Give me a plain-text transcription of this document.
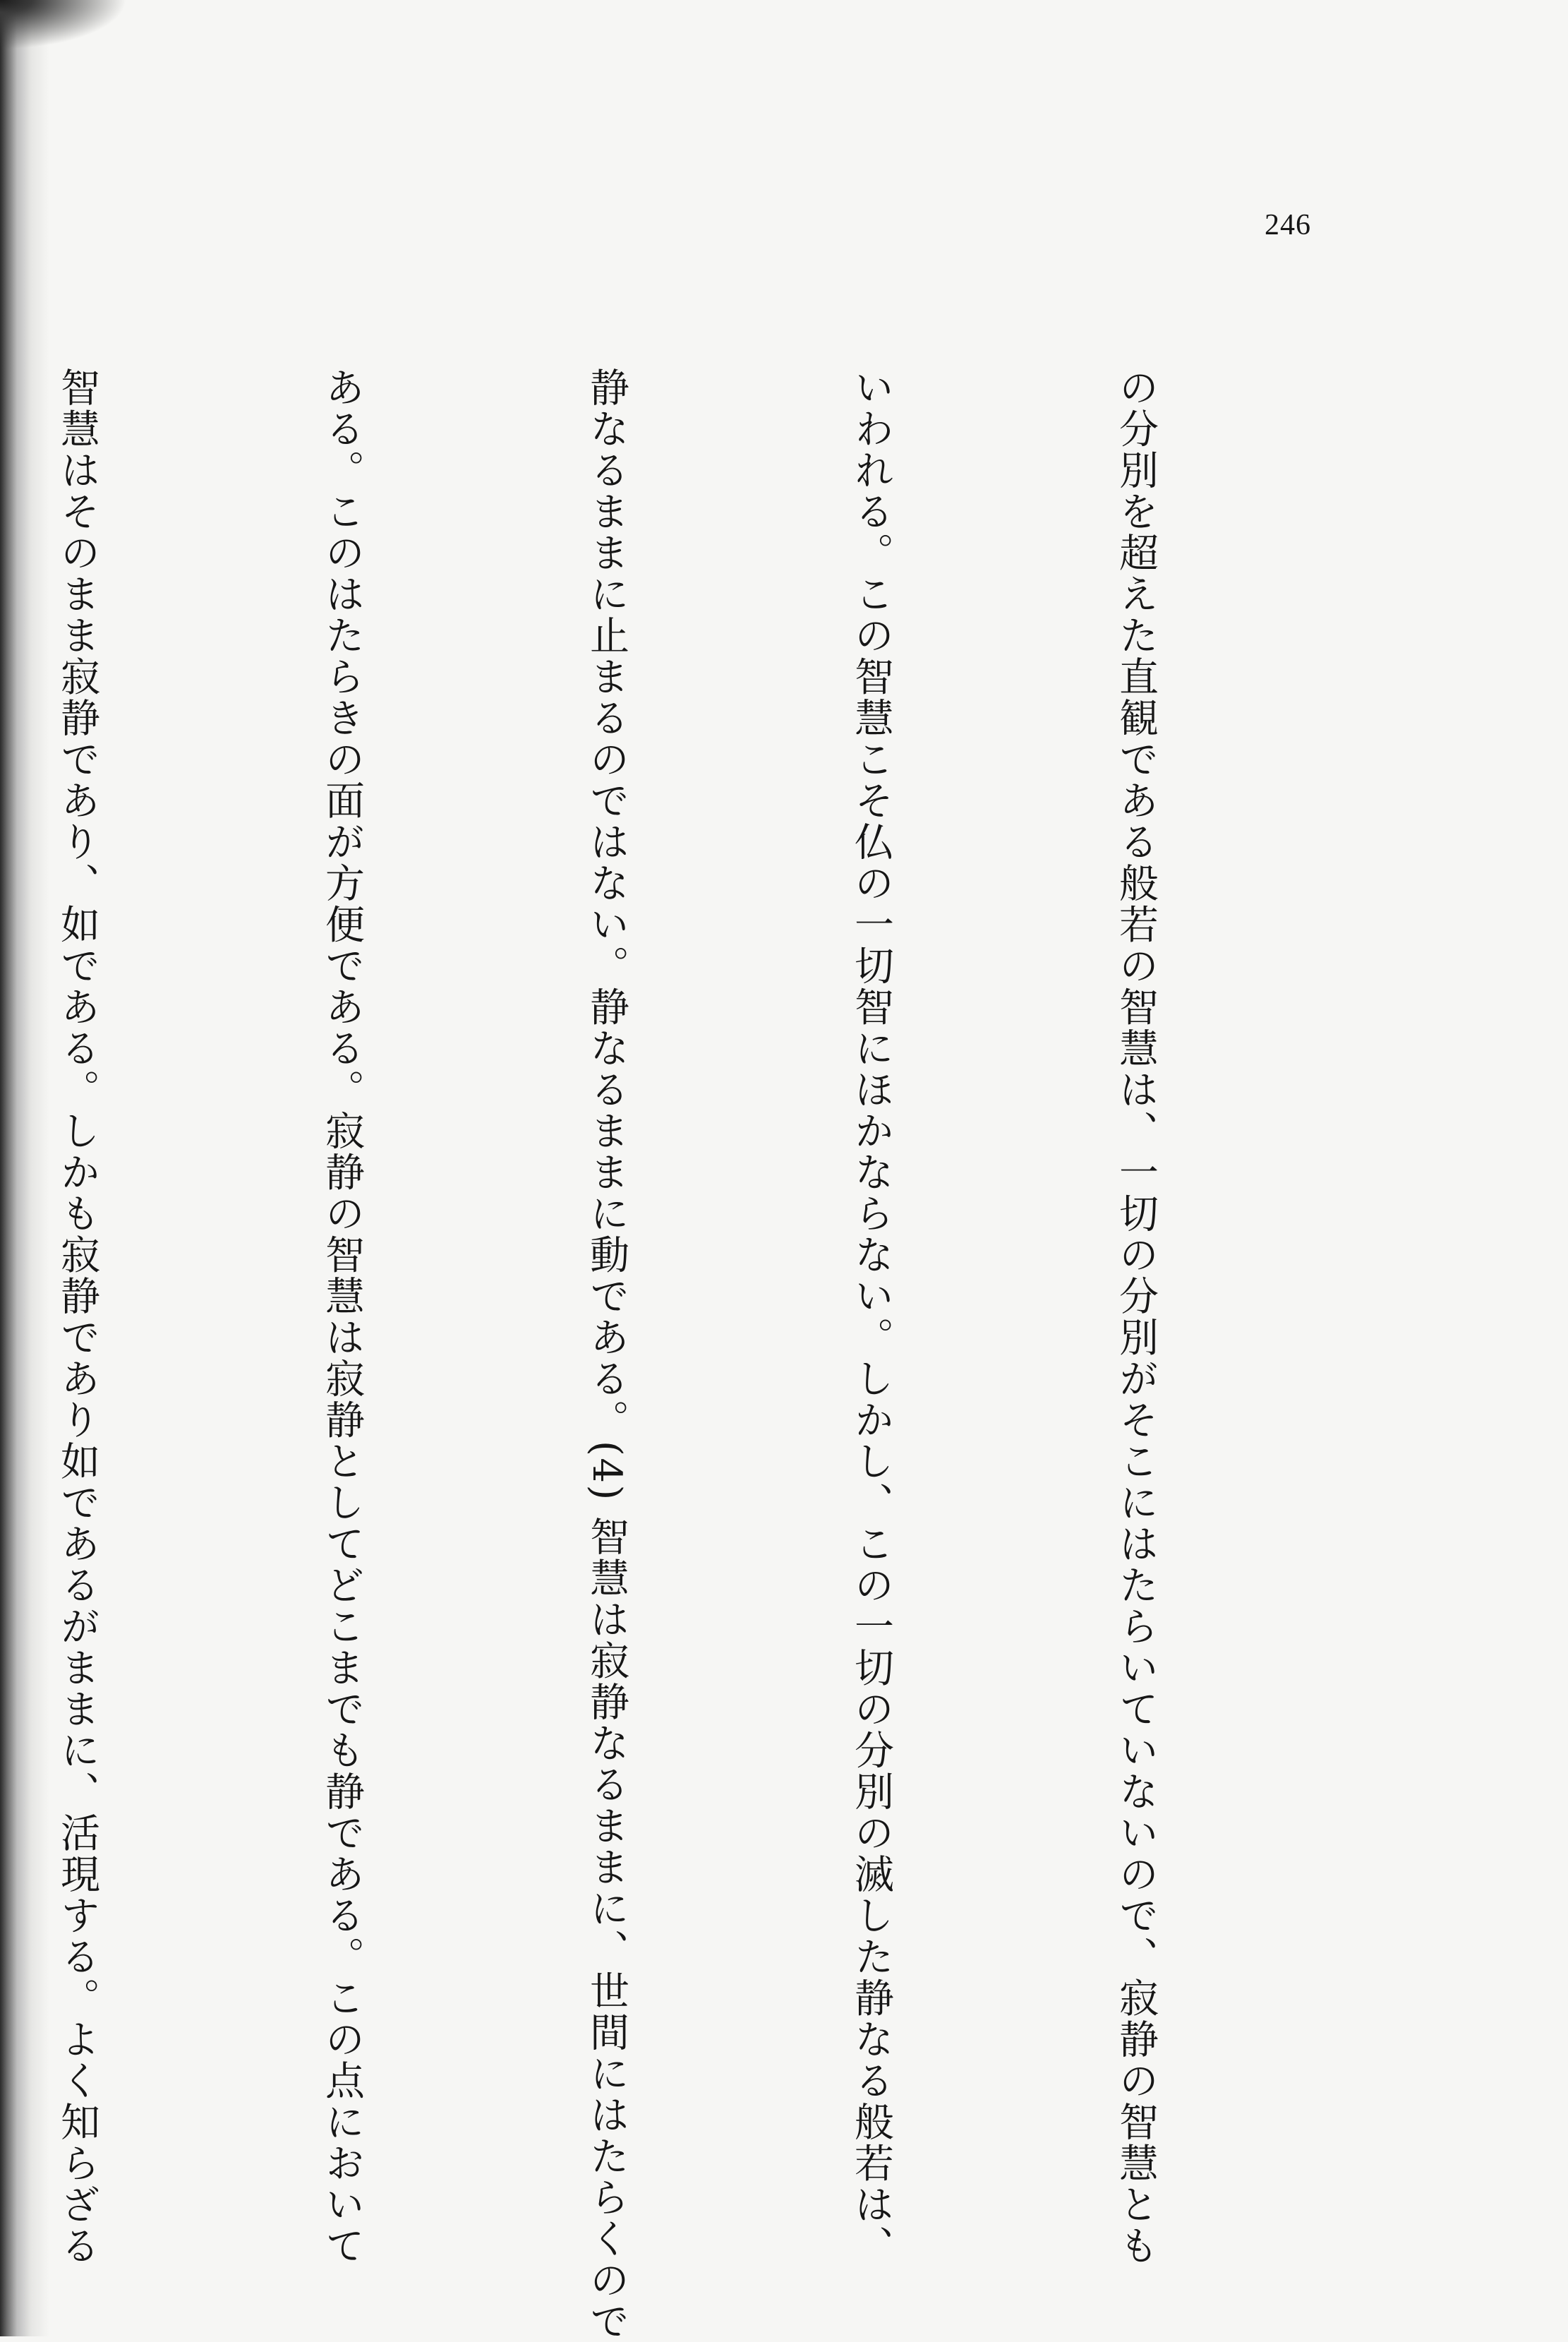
246

の分別を超えた直観である般若の智慧は、一切の分別がそこにはたらいていないので、寂静の智慧とも

いわれる。この智慧こそ仏の一切智にほかならない。しかし、この一切の分別の滅した静なる般若は、

静なるままに止まるのではない。静なるままに動である。(4) 智慧は寂静なるままに、世間にはたらくので

ある。このはたらきの面が方便である。寂静の智慧は寂静としてどこまでも静である。この点において

智慧はそのまま寂静であり、如である。しかも寂静であり如であるがままに、活現する。よく知らざる
